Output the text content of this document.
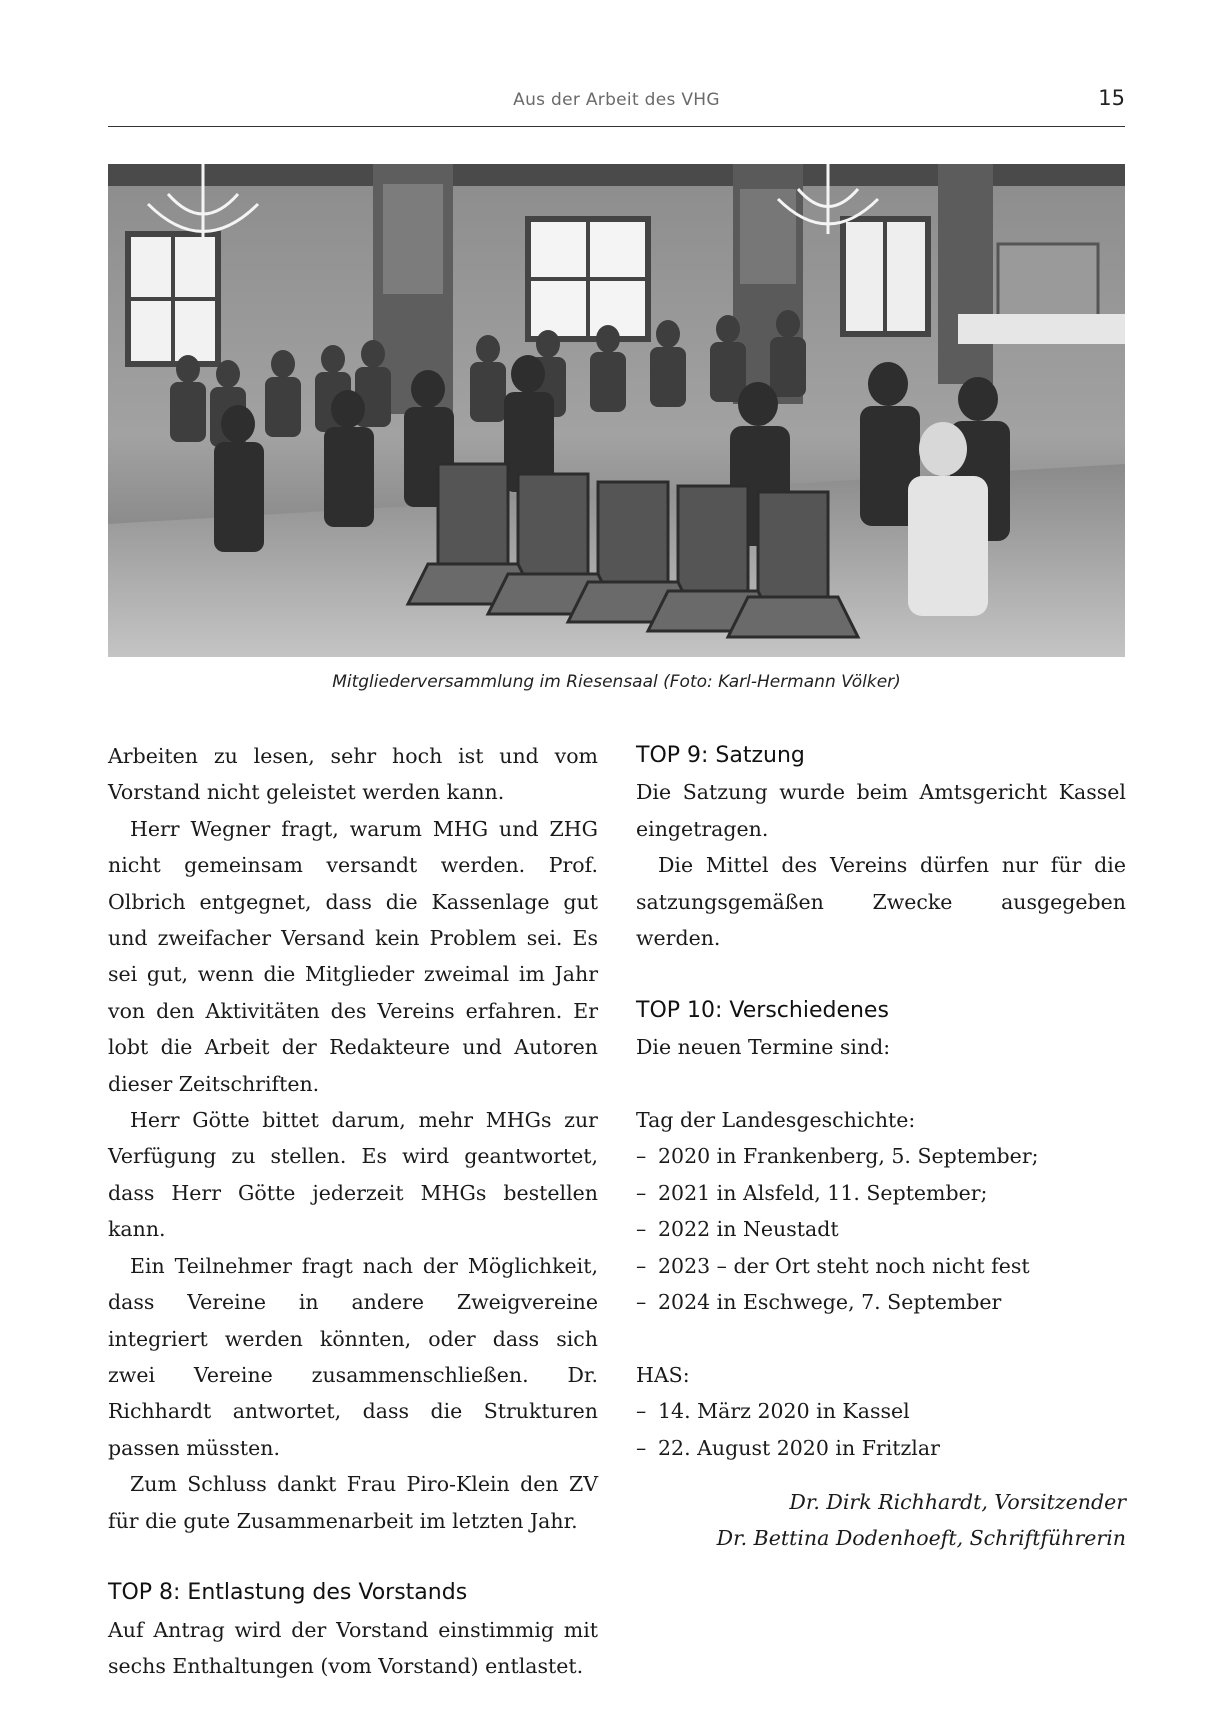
Aus der Arbeit des VHG	15
Mitgliederversammlung im Riesensaal (Foto: Karl-Hermann Völker)

Arbeiten zu lesen, sehr hoch ist und vom Vorstand nicht geleistet werden kann.

Herr Wegner fragt, warum MHG und ZHG nicht gemeinsam versandt werden. Prof. Olbrich entgegnet, dass die Kassenlage gut und zweifacher Versand kein Problem sei. Es sei gut, wenn die Mitglieder zweimal im Jahr von den Aktivitäten des Vereins erfahren. Er lobt die Arbeit der Redakteure und Autoren dieser Zeitschriften.

Herr Götte bittet darum, mehr MHGs zur Verfügung zu stellen. Es wird geantwortet, dass Herr Götte jederzeit MHGs bestellen kann.

Ein Teilnehmer fragt nach der Möglichkeit, dass Vereine in andere Zweigvereine integriert werden könnten, oder dass sich zwei Vereine zusammenschließen. Dr. Richhardt antwortet, dass die Strukturen passen müssten.

Zum Schluss dankt Frau Piro-Klein den ZV für die gute Zusammenarbeit im letzten Jahr.

TOP 8: Entlastung des Vorstands

Auf Antrag wird der Vorstand einstimmig mit sechs Enthaltungen (vom Vorstand) entlastet.

TOP 9: Satzung

Die Satzung wurde beim Amtsgericht Kassel eingetragen.

Die Mittel des Vereins dürfen nur für die satzungsgemäßen Zwecke ausgegeben werden.

TOP 10: Verschiedenes

Die neuen Termine sind:

Tag der Landesgeschichte:

– 2020 in Frankenberg, 5. September;

– 2021 in Alsfeld, 11. September;

– 2022 in Neustadt

– 2023 – der Ort steht noch nicht fest

– 2024 in Eschwege, 7. September

HAS:

– 14. März 2020 in Kassel

– 22. August 2020 in Fritzlar

Dr. Dirk Richhardt, Vorsitzender
Dr. Bettina Dodenhoeft, Schriftführerin
